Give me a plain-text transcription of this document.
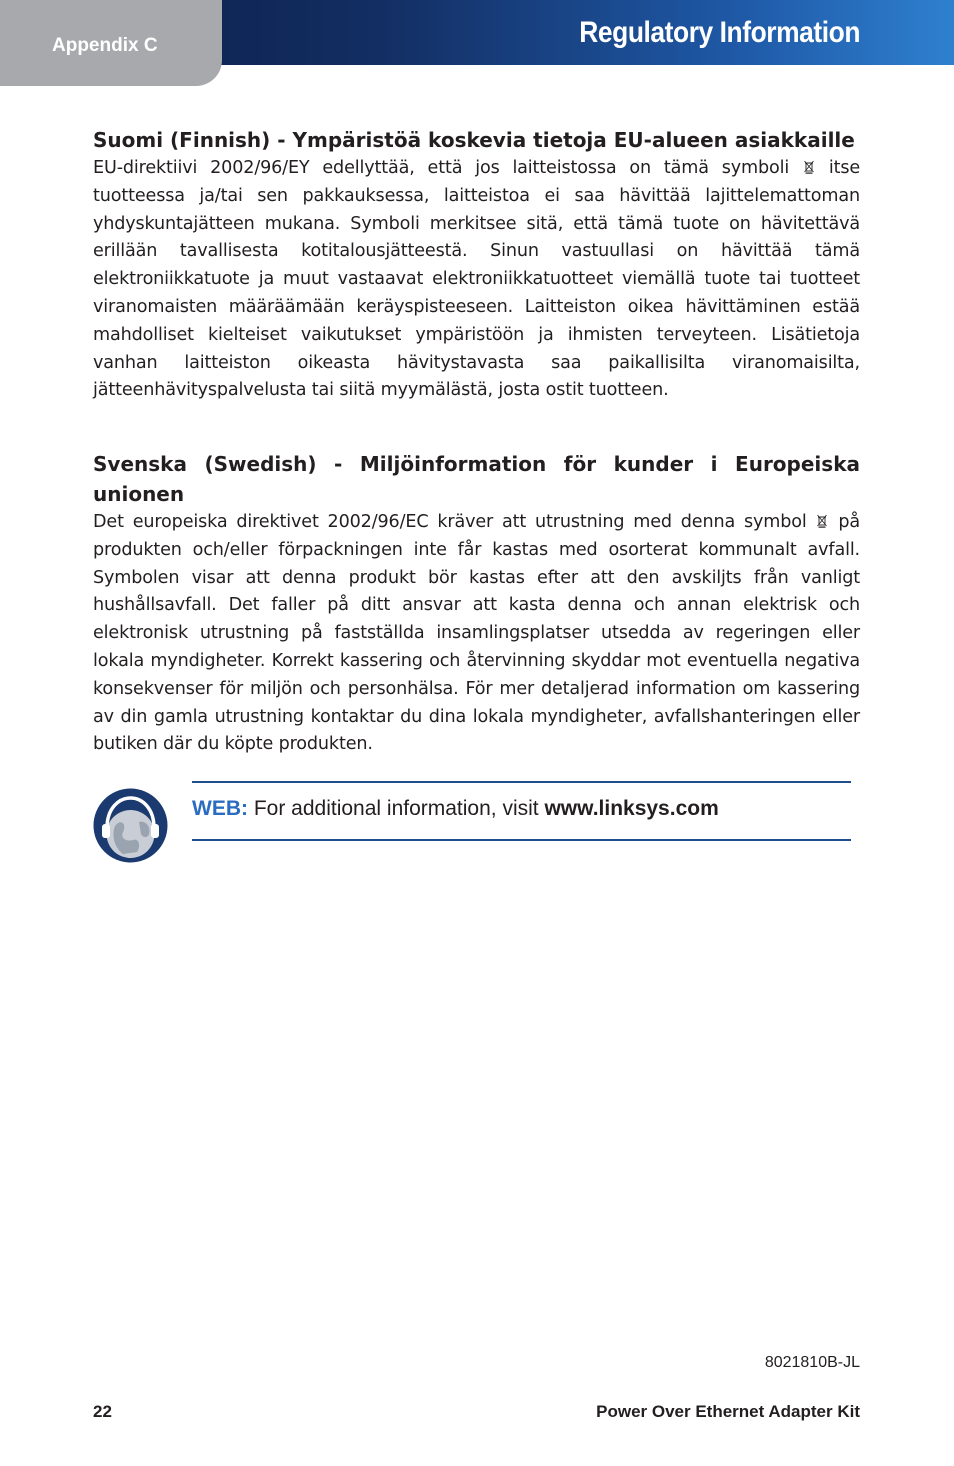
Regulatory Information
Appendix C
Suomi (Finnish) - Ympäristöä koskevia tietoja EU-alueen asiakkaille

EU-direktiivi 2002/96/EY edellyttää, että jos laitteistossa on tämä symboli itse tuotteessa ja/tai sen pakkauksessa, laitteistoa ei saa hävittää lajittelemattoman yhdyskuntajätteen mukana. Symboli merkitsee sitä, että tämä tuote on hävitettävä erillään tavallisesta kotitalousjätteestä. Sinun vastuullasi on hävittää tämä elektroniikkatuote ja muut vastaavat elektroniikkatuotteet viemällä tuote tai tuotteet viranomaisten määräämään keräyspisteeseen. Laitteiston oikea hävittäminen estää mahdolliset kielteiset vaikutukset ympäristöön ja ihmisten terveyteen. Lisätietoja vanhan laitteiston oikeasta hävitystavasta saa paikallisilta viranomaisilta, jätteenhävityspalvelusta tai siitä myymälästä, josta ostit tuotteen.

Svenska (Swedish) - Miljöinformation för kunder i Europeiska unionen

Det europeiska direktivet 2002/96/EC kräver att utrustning med denna symbol på produkten och/eller förpackningen inte får kastas med osorterat kommunalt avfall. Symbolen visar att denna produkt bör kastas efter att den avskiljts från vanligt hushållsavfall. Det faller på ditt ansvar att kasta denna och annan elektrisk och elektronisk utrustning på fastställda insamlingsplatser utsedda av regeringen eller lokala myndigheter. Korrekt kassering och återvinning skyddar mot eventuella negativa konsekvenser för miljön och personhälsa. För mer detaljerad information om kassering av din gamla utrustning kontaktar du dina lokala myndigheter, avfallshanteringen eller butiken där du köpte produkten.

WEB: For additional information, visit www.linksys.com
8021810B-JL
22	Power Over Ethernet Adapter Kit
